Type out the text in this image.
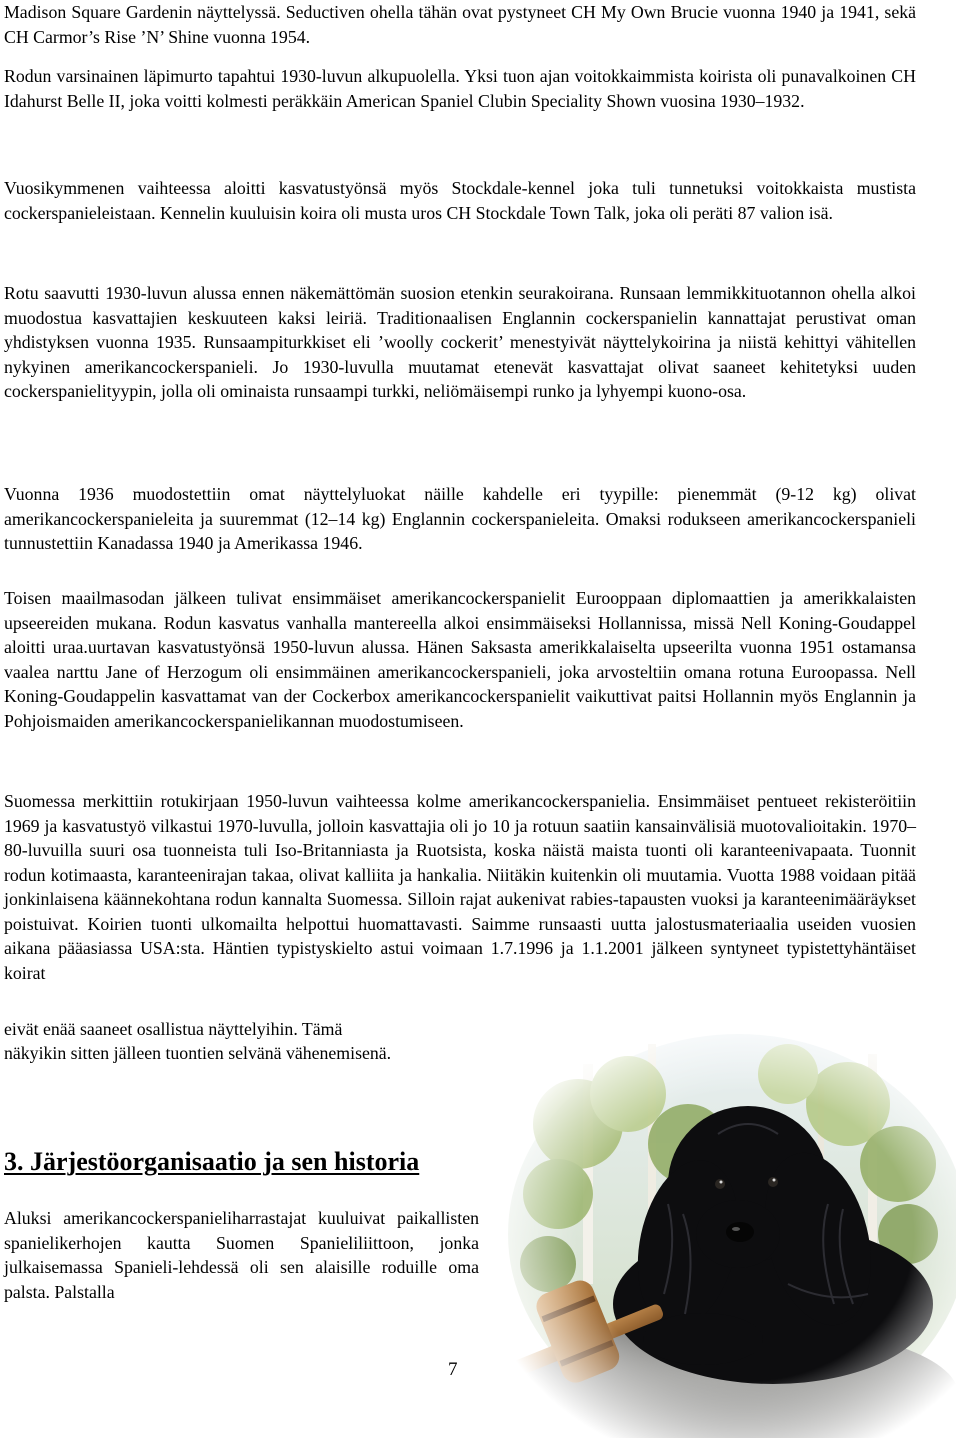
Madison Square Gardenin näyttelyssä. Seductiven ohella tähän ovat pystyneet CH My Own Brucie vuonna 1940 ja 1941, sekä CH Carmor’s Rise ’N’ Shine vuonna 1954.

Rodun varsinainen läpimurto tapahtui 1930-luvun alkupuolella. Yksi tuon ajan voitokkaimmista koirista oli punavalkoinen CH Idahurst Belle II, joka voitti kolmesti peräkkäin American Spaniel Clubin Speciality Shown vuosina 1930–1932.

Vuosikymmenen vaihteessa aloitti kasvatustyönsä myös Stockdale-kennel joka tuli tunnetuksi voitokkaista mustista cockerspanieleistaan. Kennelin kuuluisin koira oli musta uros CH Stockdale Town Talk, joka oli peräti 87 valion isä.

Rotu saavutti 1930-luvun alussa ennen näkemättömän suosion etenkin seurakoirana. Runsaan lemmikkituotannon ohella alkoi muodostua kasvattajien keskuuteen kaksi leiriä. Traditionaalisen Englannin cockerspanielin kannattajat perustivat oman yhdistyksen vuonna 1935. Runsaampiturkkiset eli ’woolly cockerit’ menestyivät näyttelykoirina ja niistä kehittyi vähitellen nykyinen amerikancockerspanieli. Jo 1930-luvulla muutamat etenevät kasvattajat olivat saaneet kehitetyksi uuden cockerspanielityypin, jolla oli ominaista runsaampi turkki, neliömäisempi runko ja lyhyempi kuono-osa.

Vuonna 1936 muodostettiin omat näyttelyluokat näille kahdelle eri tyypille: pienemmät (9-12 kg) olivat amerikancockerspanieleita ja suuremmat (12–14 kg) Englannin cockerspanieleita. Omaksi rodukseen amerikancockerspanieli tunnustettiin Kanadassa 1940 ja Amerikassa 1946.

Toisen maailmasodan jälkeen tulivat ensimmäiset amerikancockerspanielit Eurooppaan diplomaattien ja amerikkalaisten upseereiden mukana. Rodun kasvatus vanhalla mantereella alkoi ensimmäiseksi Hollannissa, missä Nell Koning-Goudappel aloitti uraa.uurtavan kasvatustyönsä 1950-luvun alussa. Hänen Saksasta amerikkalaiselta upseerilta vuonna 1951 ostamansa vaalea narttu Jane of Herzogum oli ensimmäinen amerikancockerspanieli, joka arvosteltiin omana rotuna Euroopassa. Nell Koning-Goudappelin kasvattamat van der Cockerbox amerikancockerspanielit vaikuttivat paitsi Hollannin myös Englannin ja Pohjoismaiden amerikancockerspanielikannan muodostumiseen.

Suomessa merkittiin rotukirjaan 1950-luvun vaihteessa kolme amerikancockerspanielia. Ensimmäiset pentueet rekisteröitiin 1969 ja kasvatustyö vilkastui 1970-luvulla, jolloin kasvattajia oli jo 10 ja rotuun saatiin kansainvälisiä muotovalioitakin. 1970–80-luvuilla suuri osa tuonneista tuli Iso-Britanniasta ja Ruotsista, koska näistä maista tuonti oli karanteenivapaata. Tuonnit rodun kotimaasta, karanteenirajan takaa, olivat kalliita ja hankalia. Niitäkin kuitenkin oli muutamia. Vuotta 1988 voidaan pitää jonkinlaisena käännekohtana rodun kannalta Suomessa. Silloin rajat aukenivat rabies-tapausten vuoksi ja karanteenimääräykset poistuivat. Koirien tuonti ulkomailta helpottui huomattavasti. Saimme runsaasti uutta jalostusmateriaalia useiden vuosien aikana pääasiassa USA:sta. Häntien typistyskielto astui voimaan 1.7.1996 ja 1.1.2001 jälkeen syntyneet typistettyhäntäiset koirat

eivät enää saaneet osallistua näyttelyihin. Tämä

näkyikin sitten jälleen tuontien selvänä vähenemisenä.

3. Järjestöorganisaatio ja sen historia

Aluksi amerikancockerspanieliharrastajat kuuluivat paikallisten spanielikerhojen kautta Suomen Spanieliliittoon, jonka julkaisemassa Spanieli-lehdessä oli sen alaisille roduille oma palsta. Palstalla

7
